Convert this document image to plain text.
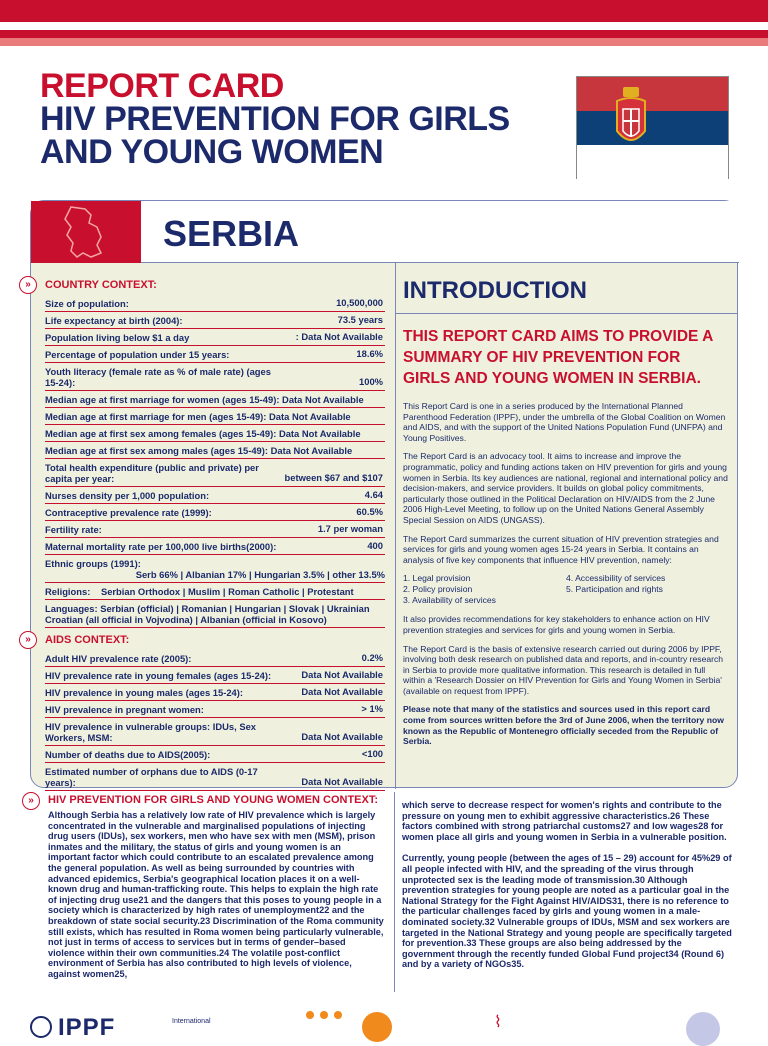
REPORT CARD
HIV PREVENTION FOR GIRLS
AND YOUNG WOMEN
SERBIA
»	COUNTRY CONTEXT:
Size of population:	10,500,000
Life expectancy at birth (2004):	73.5 years
Population living below $1 a day	: Data Not Available
Percentage of population under 15 years:	18.6%
Youth literacy (female rate as % of male rate) (ages 15-24):	100%
Median age at first marriage for women (ages 15-49): Data Not Available
Median age at first marriage for men (ages 15-49): Data Not Available
Median age at first sex among females (ages 15-49): Data Not Available
Median age at first sex among males (ages 15-49): Data Not Available
Total health expenditure (public and private) per capita per year:	between $67 and $107
Nurses density per 1,000 population:	4.64
Contraceptive prevalence rate (1999):	60.5%
Fertility rate:	1.7 per woman
Maternal mortality rate per 100,000 live births(2000):	400
Ethnic groups (1991):
Serb 66% | Albanian 17% | Hungarian 3.5% | other 13.5%
Religions: Serbian Orthodox | Muslim | Roman Catholic | Protestant
Languages: Serbian (official) | Romanian | Hungarian | Slovak | Ukrainian Croatian (all official in Vojvodina) | Albanian (official in Kosovo)
»	AIDS CONTEXT:
Adult HIV prevalence rate (2005):	0.2%
HIV prevalence rate in young females (ages 15-24):	Data Not Available
HIV prevalence in young males (ages 15-24):	Data Not Available
HIV prevalence in pregnant women:	> 1%
HIV prevalence in vulnerable groups: IDUs, Sex Workers, MSM:	Data Not Available
Number of deaths due to AIDS(2005):	<100
Estimated number of orphans due to AIDS (0-17 years):	Data Not Available
INTRODUCTION
THIS REPORT CARD AIMS TO PROVIDE A SUMMARY OF HIV PREVENTION FOR GIRLS AND YOUNG WOMEN IN SERBIA.

This Report Card is one in a series produced by the International Planned Parenthood Federation (IPPF), under the umbrella of the Global Coalition on Women and AIDS, and with the support of the United Nations Population Fund (UNFPA) and Young Positives.

The Report Card is an advocacy tool. It aims to increase and improve the programmatic, policy and funding actions taken on HIV prevention for girls and young women in Serbia. Its key audiences are national, regional and international policy and decision-makers, and service providers. It builds on global policy commitments, particularly those outlined in the Political Declaration on HIV/AIDS from the 2 June 2006 High-Level Meeting, to follow up on the United Nations General Assembly Special Session on AIDS (UNGASS).

The Report Card summarizes the current situation of HIV prevention strategies and services for girls and young women ages 15-24 years in Serbia. It contains an analysis of five key components that influence HIV prevention, namely:

1. Legal provision	4. Accessibility of services
2. Policy provision	5. Participation and rights
3. Availability of services

It also provides recommendations for key stakeholders to enhance action on HIV prevention strategies and services for girls and young women in Serbia.

The Report Card is the basis of extensive research carried out during 2006 by IPPF, involving both desk research on published data and reports, and in-country research in Serbia to provide more qualitative information. This research is detailed in full within a 'Research Dossier on HIV Prevention for Girls and Young Women in Serbia' (available on request from IPPF).

Please note that many of the statistics and sources used in this report card come from sources written before the 3rd of June 2006, when the territory now known as the Republic of Montenegro officially seceded from the Republic of Serbia.

»	HIV PREVENTION FOR GIRLS AND YOUNG WOMEN CONTEXT:
Although Serbia has a relatively low rate of HIV prevalence which is largely concentrated in the vulnerable and marginalised populations of injecting drug users (IDUs), sex workers, men who have sex with men (MSM), prison inmates and the military, the status of girls and young women is an important factor which could contribute to an escalated prevalence among the general population. As well as being surrounded by countries with advanced epidemics, Serbia's geographical location places it on a well-known drug and human-trafficking route. This helps to explain the high rate of injecting drug use21 and the dangers that this poses to young people in a society which is characterized by high rates of unemployment22 and the breakdown of state social security.23 Discrimination of the Roma community still exists, which has resulted in Roma women being particularly vulnerable, not just in terms of access to services but in terms of gender–based violence within their own communities.24 The volatile post-conflict environment of Serbia has also contributed to high levels of violence, against women25,

which serve to decrease respect for women's rights and contribute to the pressure on young men to exhibit aggressive characteristics.26 These factors combined with strong patriarchal customs27 and low wages28 for women place all girls and young women in Serbia in a vulnerable position.

Currently, young people (between the ages of 15 – 29) account for 45%29 of all people infected with HIV, and the spreading of the virus through unprotected sex is the leading mode of transmission.30 Although prevention strategies for young people are noted as a particular goal in the National Strategy for the Fight Against HIV/AIDS31, there is no reference to the particular challenges faced by girls and young women in a male-dominated society.32 Vulnerable groups of IDUs, MSM and sex workers are targeted in the National Strategy and young people are specifically targeted for prevention.33 These groups are also being addressed by the government through the recently funded Global Fund project34 (Round 6) and by a variety of NGOs35.

IPPF	International	⌇
